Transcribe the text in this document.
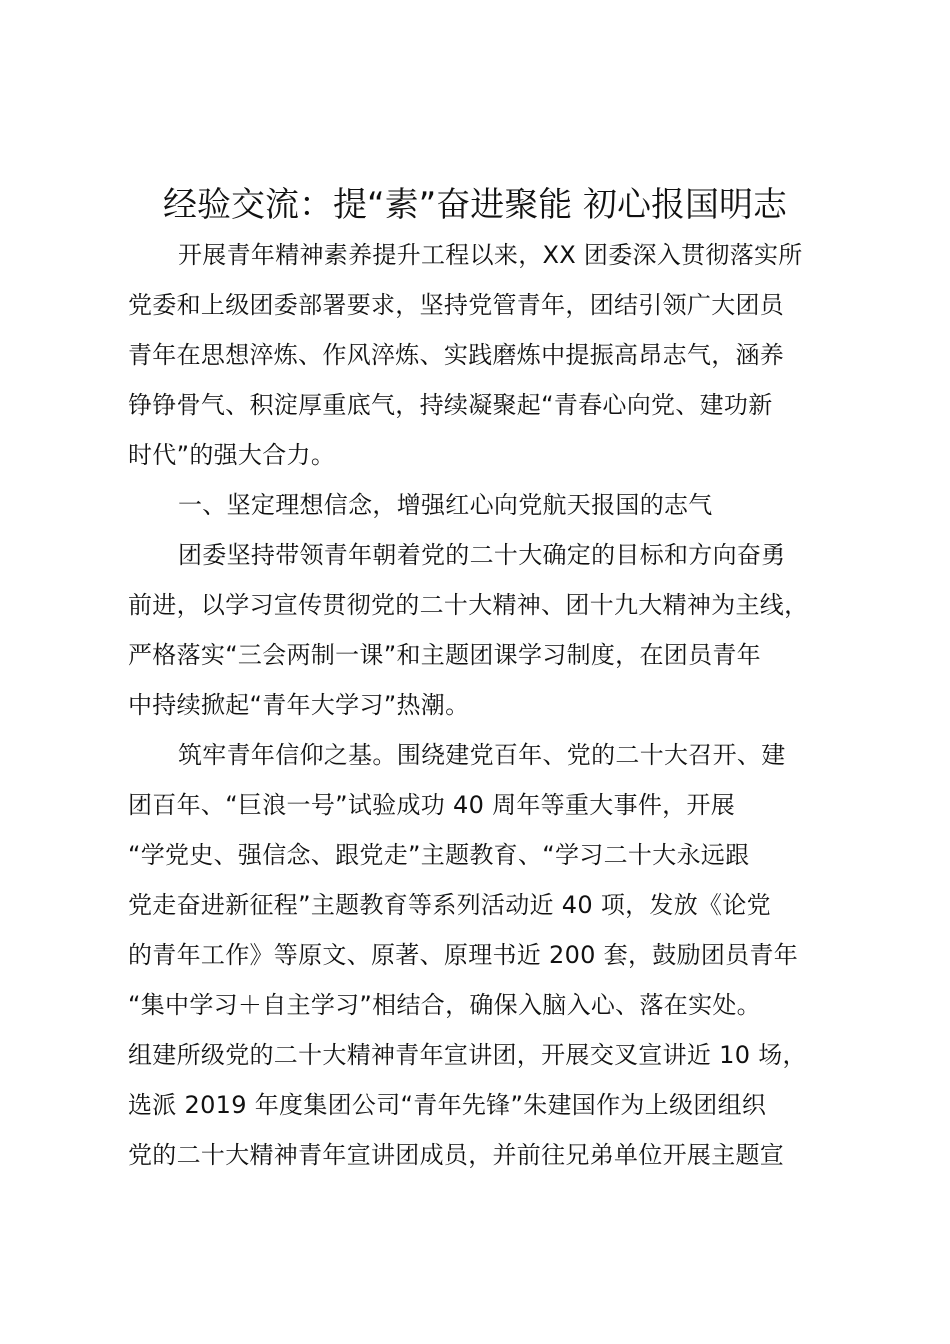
经验交流：提“素”奋进聚能 初心报国明志
开展青年精神素养提升工程以来，XX 团委深入贯彻落实所
党委和上级团委部署要求，坚持党管青年，团结引领广大团员
青年在思想淬炼、作风淬炼、实践磨炼中提振高昂志气，涵养
铮铮骨气、积淀厚重底气，持续凝聚起“青春心向党、建功新
时代”的强大合力。
一、坚定理想信念，增强红心向党航天报国的志气
团委坚持带领青年朝着党的二十大确定的目标和方向奋勇
前进，以学习宣传贯彻党的二十大精神、团十九大精神为主线，
严格落实“三会两制一课”和主题团课学习制度，在团员青年
中持续掀起“青年大学习”热潮。
筑牢青年信仰之基。围绕建党百年、党的二十大召开、建
团百年、“巨浪一号”试验成功 40 周年等重大事件，开展
“学党史、强信念、跟党走”主题教育、“学习二十大永远跟
党走奋进新征程”主题教育等系列活动近 40 项，发放《论党
的青年工作》等原文、原著、原理书近 200 套，鼓励团员青年
“集中学习＋自主学习”相结合，确保入脑入心、落在实处。
组建所级党的二十大精神青年宣讲团，开展交叉宣讲近 10 场，
选派 2019 年度集团公司“青年先锋”朱建国作为上级团组织
党的二十大精神青年宣讲团成员，并前往兄弟单位开展主题宣
